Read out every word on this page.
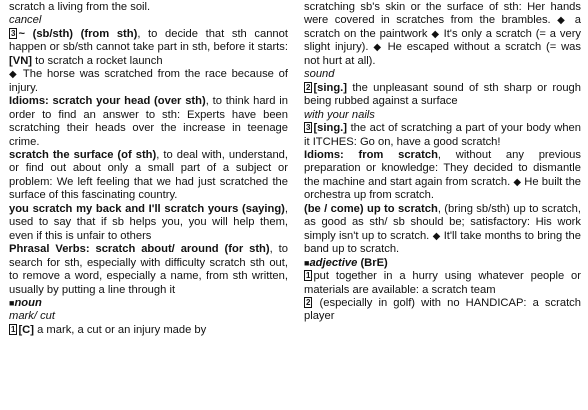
scratch a living from the soil.

cancel

3 ~ (sb/sth) (from sth), to decide that sth cannot happen or sb/sth cannot take part in sth, before it starts: [VN] to scratch a rocket launch
◆ The horse was scratched from the race because of injury.

Idioms: scratch your head (over sth), to think hard in order to find an answer to sth: Experts have been scratching their heads over the increase in teenage crime.

scratch the surface (of sth), to deal with, understand, or find out about only a small part of a subject or problem: We left feeling that we had just scratched the surface of this fascinating country.

you scratch my back and I'll scratch yours (saying), used to say that if sb helps you, you will help them, even if this is unfair to others

Phrasal Verbs: scratch about/ around (for sth), to search for sth, especially with difficulty scratch sth out, to remove a word, especially a name, from sth written, usually by putting a line through it

■noun

mark/ cut

1 [C] a mark, a cut or an injury made by

scratching sb's skin or the surface of sth: Her hands were covered in scratches from the brambles. ◆ a scratch on the paintwork ◆ It's only a scratch (= a very slight injury). ◆ He escaped without a scratch (= was not hurt at all).

sound

2 [sing.] the unpleasant sound of sth sharp or rough being rubbed against a surface

with your nails

3 [sing.] the act of scratching a part of your body when it ITCHES: Go on, have a good scratch!

Idioms: from scratch, without any previous preparation or knowledge: They decided to dismantle the machine and start again from scratch. ◆ He built the orchestra up from scratch.

(be / come) up to scratch, (bring sb/sth) up to scratch, as good as sth/ sb should be; satisfactory: His work simply isn't up to scratch. ◆ It'll take months to bring the band up to scratch.

■adjective (BrE)

1 put together in a hurry using whatever people or materials are available: a scratch team

2 (especially in golf) with no HANDICAP: a scratch player
